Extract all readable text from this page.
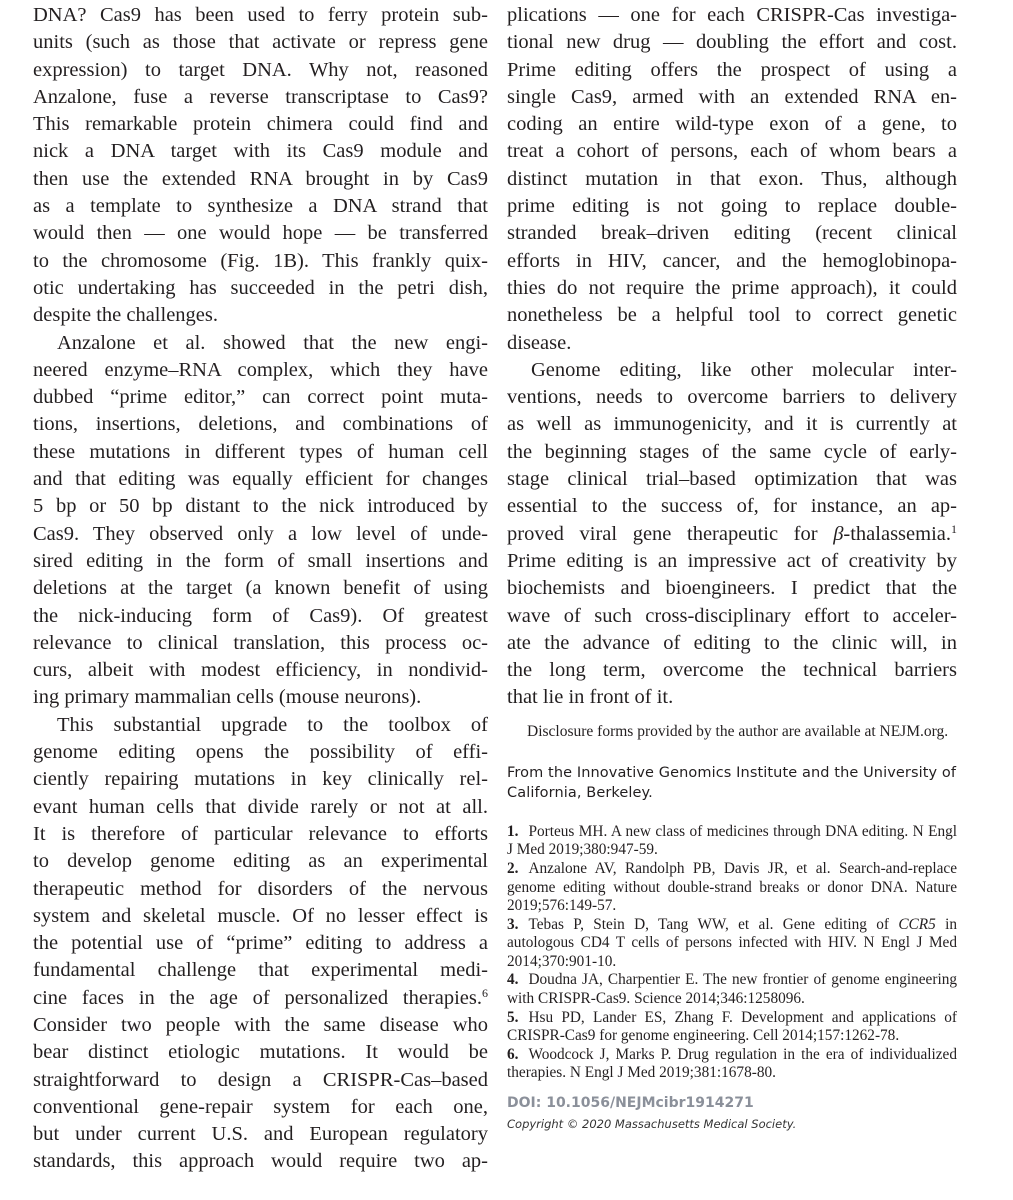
DNA? Cas9 has been used to ferry protein sub-
units (such as those that activate or repress gene
expression) to target DNA. Why not, reasoned
Anzalone, fuse a reverse transcriptase to Cas9?
This remarkable protein chimera could find and
nick a DNA target with its Cas9 module and
then use the extended RNA brought in by Cas9
as a template to synthesize a DNA strand that
would then — one would hope — be transferred
to the chromosome (Fig. 1B). This frankly quix-
otic undertaking has succeeded in the petri dish,
despite the challenges.
Anzalone et al. showed that the new engi-
neered enzyme–RNA complex, which they have
dubbed “prime editor,” can correct point muta-
tions, insertions, deletions, and combinations of
these mutations in different types of human cell
and that editing was equally efficient for changes
5 bp or 50 bp distant to the nick introduced by
Cas9. They observed only a low level of unde-
sired editing in the form of small insertions and
deletions at the target (a known benefit of using
the nick-inducing form of Cas9). Of greatest
relevance to clinical translation, this process oc-
curs, albeit with modest efficiency, in nondivid-
ing primary mammalian cells (mouse neurons).
This substantial upgrade to the toolbox of
genome editing opens the possibility of effi-
ciently repairing mutations in key clinically rel-
evant human cells that divide rarely or not at all.
It is therefore of particular relevance to efforts
to develop genome editing as an experimental
therapeutic method for disorders of the nervous
system and skeletal muscle. Of no lesser effect is
the potential use of “prime” editing to address a
fundamental challenge that experimental medi-
cine faces in the age of personalized therapies.$^6$
Consider two people with the same disease who
bear distinct etiologic mutations. It would be
straightforward to design a CRISPR-Cas–based
conventional gene-repair system for each one,
but under current U.S. and European regulatory
standards, this approach would require two ap-
plications — one for each CRISPR-Cas investiga-
tional new drug — doubling the effort and cost.
Prime editing offers the prospect of using a
single Cas9, armed with an extended RNA en-
coding an entire wild-type exon of a gene, to
treat a cohort of persons, each of whom bears a
distinct mutation in that exon. Thus, although
prime editing is not going to replace double-
stranded break–driven editing (recent clinical
efforts in HIV, cancer, and the hemoglobinopa-
thies do not require the prime approach), it could
nonetheless be a helpful tool to correct genetic
disease.
Genome editing, like other molecular inter-
ventions, needs to overcome barriers to delivery
as well as immunogenicity, and it is currently at
the beginning stages of the same cycle of early-
stage clinical trial–based optimization that was
essential to the success of, for instance, an ap-
proved viral gene therapeutic for β-thalassemia.$^1$
Prime editing is an impressive act of creativity by
biochemists and bioengineers. I predict that the
wave of such cross-disciplinary effort to acceler-
ate the advance of editing to the clinic will, in
the long term, overcome the technical barriers
that lie in front of it.
Disclosure forms provided by the author are available at NEJM.org.
From the Innovative Genomics Institute and the University of California, Berkeley.
1. Porteus MH. A new class of medicines through DNA editing. N Engl J Med 2019;380:947-59.
2. Anzalone AV, Randolph PB, Davis JR, et al. Search-and-replace genome editing without double-strand breaks or donor DNA. Nature 2019;576:149-57.
3. Tebas P, Stein D, Tang WW, et al. Gene editing of CCR5 in autologous CD4 T cells of persons infected with HIV. N Engl J Med 2014;370:901-10.
4. Doudna JA, Charpentier E. The new frontier of genome engineering with CRISPR-Cas9. Science 2014;346:1258096.
5. Hsu PD, Lander ES, Zhang F. Development and applications of CRISPR-Cas9 for genome engineering. Cell 2014;157:1262-78.
6. Woodcock J, Marks P. Drug regulation in the era of individualized therapies. N Engl J Med 2019;381:1678-80.
DOI: 10.1056/NEJMcibr1914271
Copyright © 2020 Massachusetts Medical Society.
